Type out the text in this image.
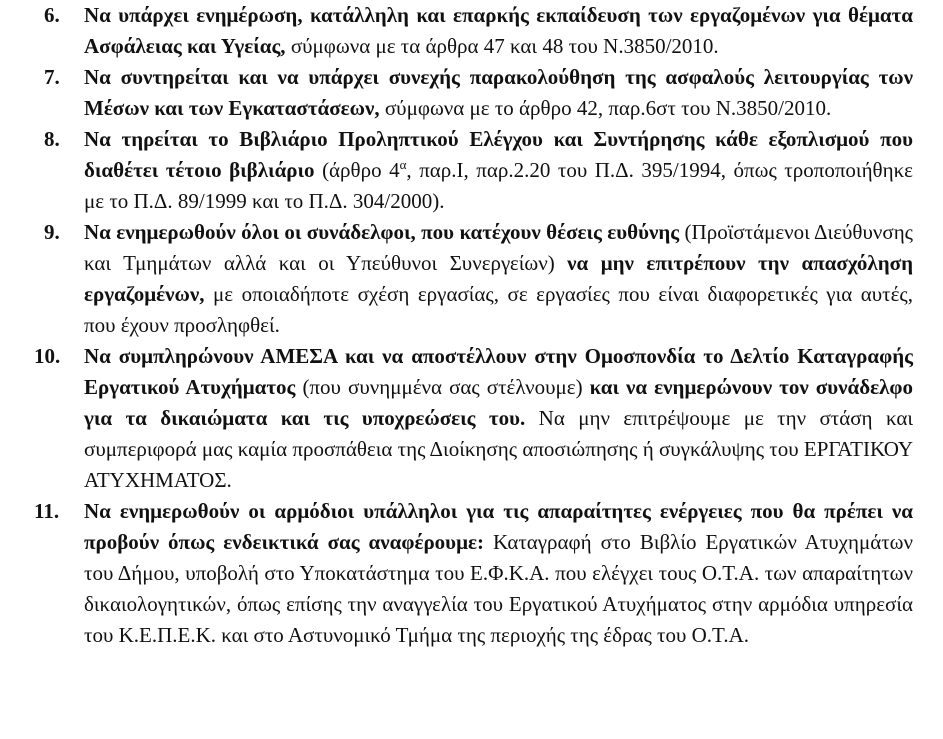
6. Να υπάρχει ενημέρωση, κατάλληλη και επαρκής εκπαίδευση των εργαζομένων για θέματα Ασφάλειας και Υγείας, σύμφωνα με τα άρθρα 47 και 48 του Ν.3850/2010.
7. Να συντηρείται και να υπάρχει συνεχής παρακολούθηση της ασφαλούς λειτουργίας των Μέσων και των Εγκαταστάσεων, σύμφωνα με το άρθρο 42, παρ.6στ του Ν.3850/2010.
8. Να τηρείται το Βιβλιάριο Προληπτικού Ελέγχου και Συντήρησης κάθε εξοπλισμού που διαθέτει τέτοιο βιβλιάριο (άρθρο $4^\alpha$, παρ.Ι, παρ.2.20 του Π.Δ. 395/1994, όπως τροποποιήθηκε με το Π.Δ. 89/1999 και το Π.Δ. 304/2000).
9. Να ενημερωθούν όλοι οι συνάδελφοι, που κατέχουν θέσεις ευθύνης (Προϊστάμενοι Διεύθυνσης και Τμημάτων αλλά και οι Υπεύθυνοι Συνεργείων) να μην επιτρέπουν την απασχόληση εργαζομένων, με οποιαδήποτε σχέση εργασίας, σε εργασίες που είναι διαφορετικές για αυτές, που έχουν προσληφθεί.
10. Να συμπληρώνουν ΑΜΕΣΑ και να αποστέλλουν στην Ομοσπονδία το Δελτίο Καταγραφής Εργατικού Ατυχήματος (που συνημμένα σας στέλνουμε) και να ενημερώνουν τον συνάδελφο για τα δικαιώματα και τις υποχρεώσεις του. Να μην επιτρέψουμε με την στάση και συμπεριφορά μας καμία προσπάθεια της Διοίκησης αποσιώπησης ή συγκάλυψης του ΕΡΓΑΤΙΚΟΥ ΑΤΥΧΗΜΑΤΟΣ.
11. Να ενημερωθούν οι αρμόδιοι υπάλληλοι για τις απαραίτητες ενέργειες που θα πρέπει να προβούν όπως ενδεικτικά σας αναφέρουμε: Καταγραφή στο Βιβλίο Εργατικών Ατυχημάτων του Δήμου, υποβολή στο Υποκατάστημα του Ε.Φ.Κ.Α. που ελέγχει τους Ο.Τ.Α. των απαραίτητων δικαιολογητικών, όπως επίσης την αναγγελία του Εργατικού Ατυχήματος στην αρμόδια υπηρεσία του Κ.Ε.Π.Ε.Κ. και στο Αστυνομικό Τμήμα της περιοχής της έδρας του Ο.Τ.Α.
